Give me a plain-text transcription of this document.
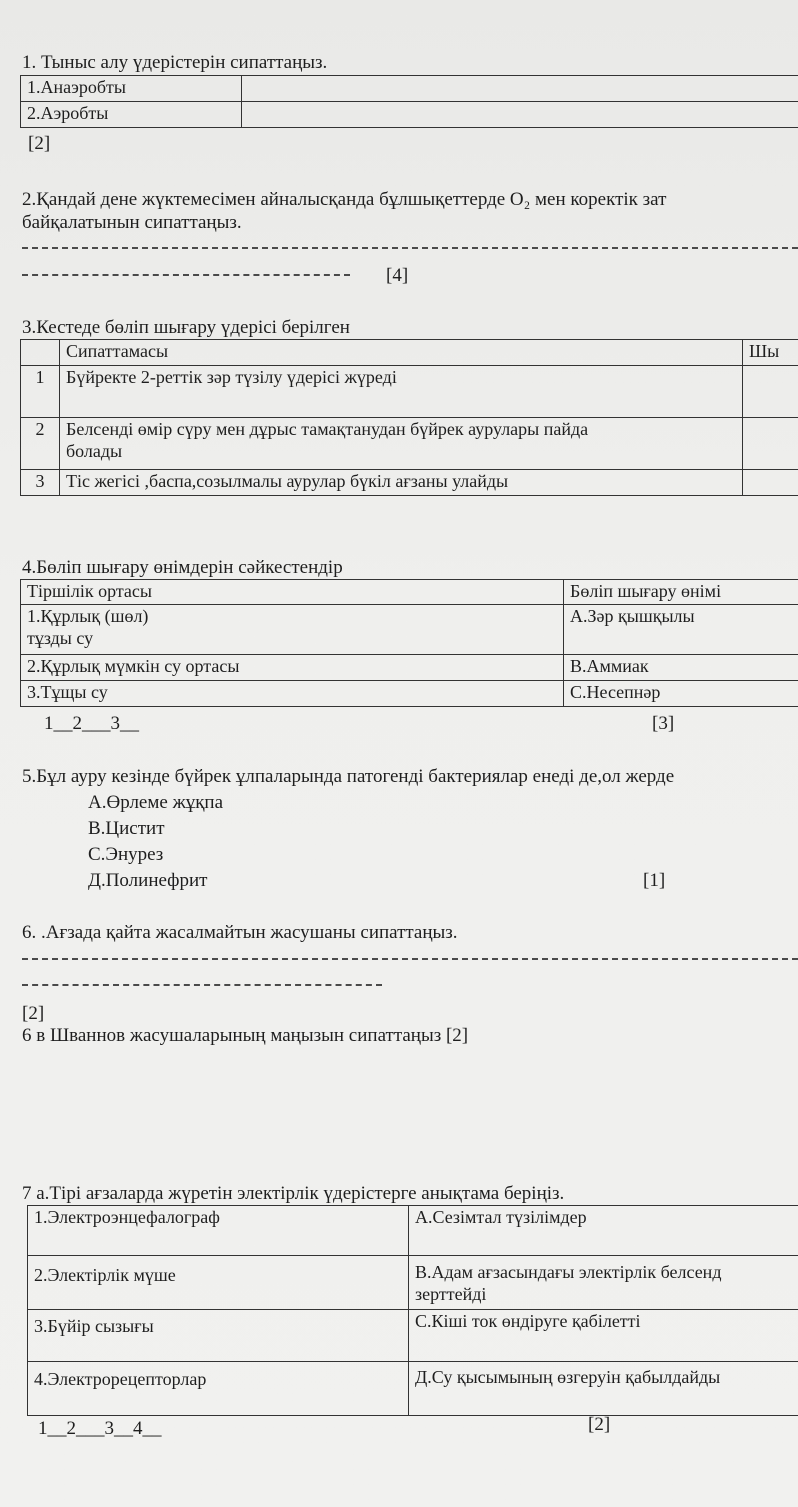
1. Тыныс алу үдерістерін сипаттаңыз.
1.Анаэробты	
2.Аэробты	
[2]
2.Қандай дене жүктемесімен айналысқанда бұлшықеттерде O₂ мен коректік зат
байқалатынын сипаттаңыз.
[4]
3.Кестеде бөліп шығару үдерісі берілген
	Сипаттамасы	Шы
1	Бүйректе 2-реттік зәр түзілу үдерісі жүреді	
2	Белсенді өмір сүру мен дұрыс тамақтанудан бүйрек аурулары пайда
болады	

3	Тіс жегісі ,баспа,созылмалы аурулар бүкіл ағзаны улайды	
4.Бөліп шығару өнімдерін сәйкестендір
Тіршілік ортасы	Бөліп шығару өнімі

1.Құрлық (шөл)
тұзды су	А.Зәр қышқылы
2.Құрлық мүмкін су ортасы	В.Аммиак
3.Тұщы су	С.Несепнәр
1__2___3__	[3]
5.Бұл ауру кезінде бүйрек ұлпаларында патогенді бактериялар енеді де,ол жерде
А.Өрлеме жұқпа
В.Цистит
С.Энурез
Д.Полинефрит	[1]
6. .Ағзада қайта жасалмайтын жасушаны сипаттаңыз.
[2]
6 в Шваннов жасушаларының маңызын сипаттаңыз [2]
7 а.Тірі ағзаларда жүретін электірлік үдерістерге анықтама беріңіз.
1.Электроэнцефалограф	А.Сезімтал түзілімдер
2.Электірлік мүше	В.Адам ағзасындағы электірлік белсенд
зерттейді

3.Бүйір сызығы	С.Кіші ток өндіруге қабілетті
4.Электрорецепторлар	Д.Су қысымының өзгеруін қабылдайды
1__2___3__4__	[2]
